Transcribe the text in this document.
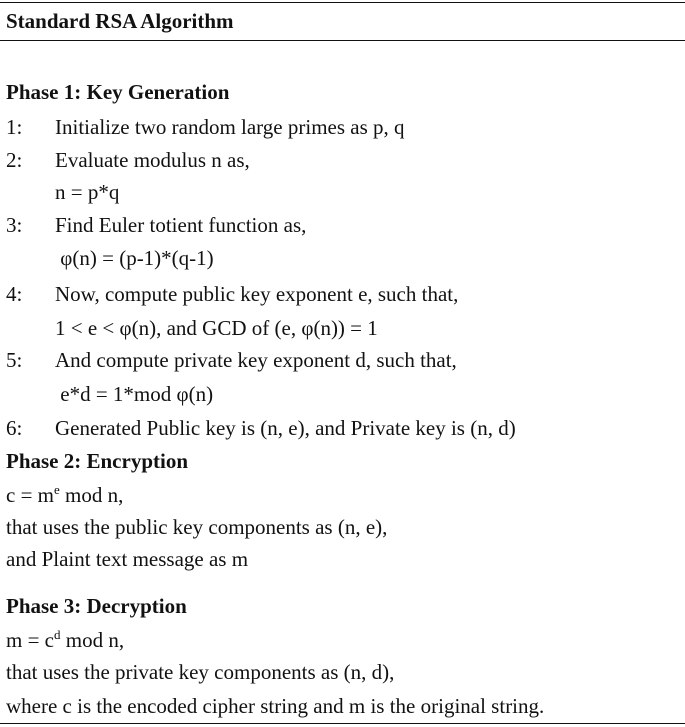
Standard RSA Algorithm
Phase 1: Key Generation
1: Initialize two random large primes as p, q
2: Evaluate modulus n as,
n = p*q
3: Find Euler totient function as,
φ(n) = (p-1)*(q-1)
4: Now, compute public key exponent e, such that,
1 < e < φ(n), and GCD of (e, φ(n)) = 1
5: And compute private key exponent d, such that,
e*d = 1*mod φ(n)
6: Generated Public key is (n, e), and Private key is (n, d)
Phase 2: Encryption
$c = m^e$ mod n,
that uses the public key components as (n, e),
and Plaint text message as m
Phase 3: Decryption
$m = c^d$ mod n,
that uses the private key components as (n, d),
where c is the encoded cipher string and m is the original string.
